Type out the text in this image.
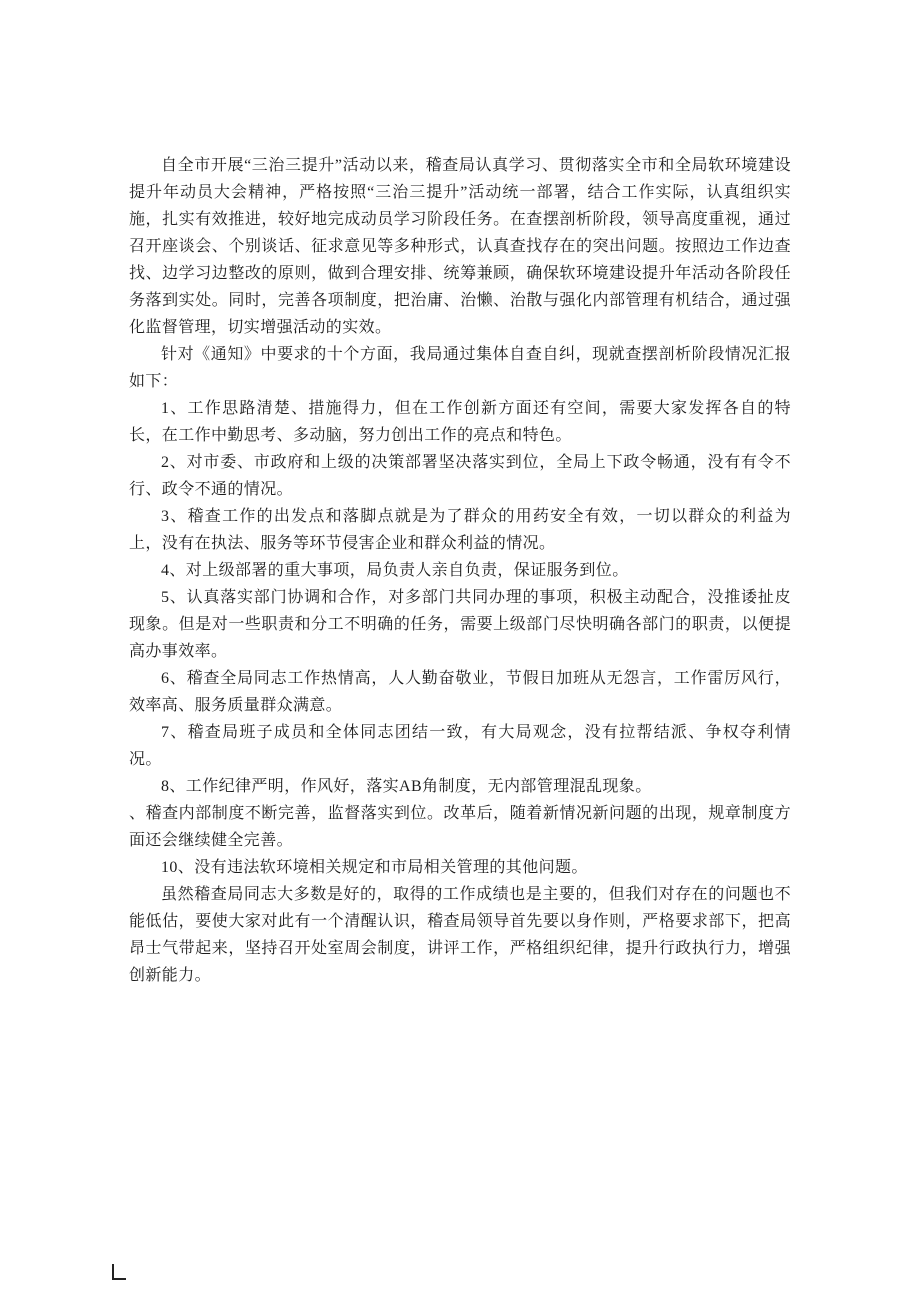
自全市开展“三治三提升”活动以来，稽查局认真学习、贯彻落实全市和全局软环境建设提升年动员大会精神，严格按照“三治三提升”活动统一部署，结合工作实际，认真组织实施，扎实有效推进，较好地完成动员学习阶段任务。在查摆剖析阶段，领导高度重视，通过召开座谈会、个别谈话、征求意见等多种形式，认真查找存在的突出问题。按照边工作边查找、边学习边整改的原则，做到合理安排、统筹兼顾，确保软环境建设提升年活动各阶段任务落到实处。同时，完善各项制度，把治庸、治懒、治散与强化内部管理有机结合，通过强化监督管理，切实增强活动的实效。

针对《通知》中要求的十个方面，我局通过集体自查自纠，现就查摆剖析阶段情况汇报如下：

1、工作思路清楚、措施得力，但在工作创新方面还有空间，需要大家发挥各自的特长，在工作中勤思考、多动脑，努力创出工作的亮点和特色。

2、对市委、市政府和上级的决策部署坚决落实到位，全局上下政令畅通，没有有令不行、政令不通的情况。

3、稽查工作的出发点和落脚点就是为了群众的用药安全有效，一切以群众的利益为上，没有在执法、服务等环节侵害企业和群众利益的情况。

4、对上级部署的重大事项，局负责人亲自负责，保证服务到位。

5、认真落实部门协调和合作，对多部门共同办理的事项，积极主动配合，没推诿扯皮现象。但是对一些职责和分工不明确的任务，需要上级部门尽快明确各部门的职责，以便提高办事效率。

6、稽查全局同志工作热情高，人人勤奋敬业，节假日加班从无怨言，工作雷厉风行，效率高、服务质量群众满意。

7、稽查局班子成员和全体同志团结一致，有大局观念，没有拉帮结派、争权夺利情况。

8、工作纪律严明，作风好，落实AB角制度，无内部管理混乱现象。

、稽查内部制度不断完善，监督落实到位。改革后，随着新情况新问题的出现，规章制度方面还会继续健全完善。

10、没有违法软环境相关规定和市局相关管理的其他问题。

虽然稽查局同志大多数是好的，取得的工作成绩也是主要的，但我们对存在的问题也不能低估，要使大家对此有一个清醒认识，稽查局领导首先要以身作则，严格要求部下，把高昂士气带起来，坚持召开处室周会制度，讲评工作，严格组织纪律，提升行政执行力，增强创新能力。
